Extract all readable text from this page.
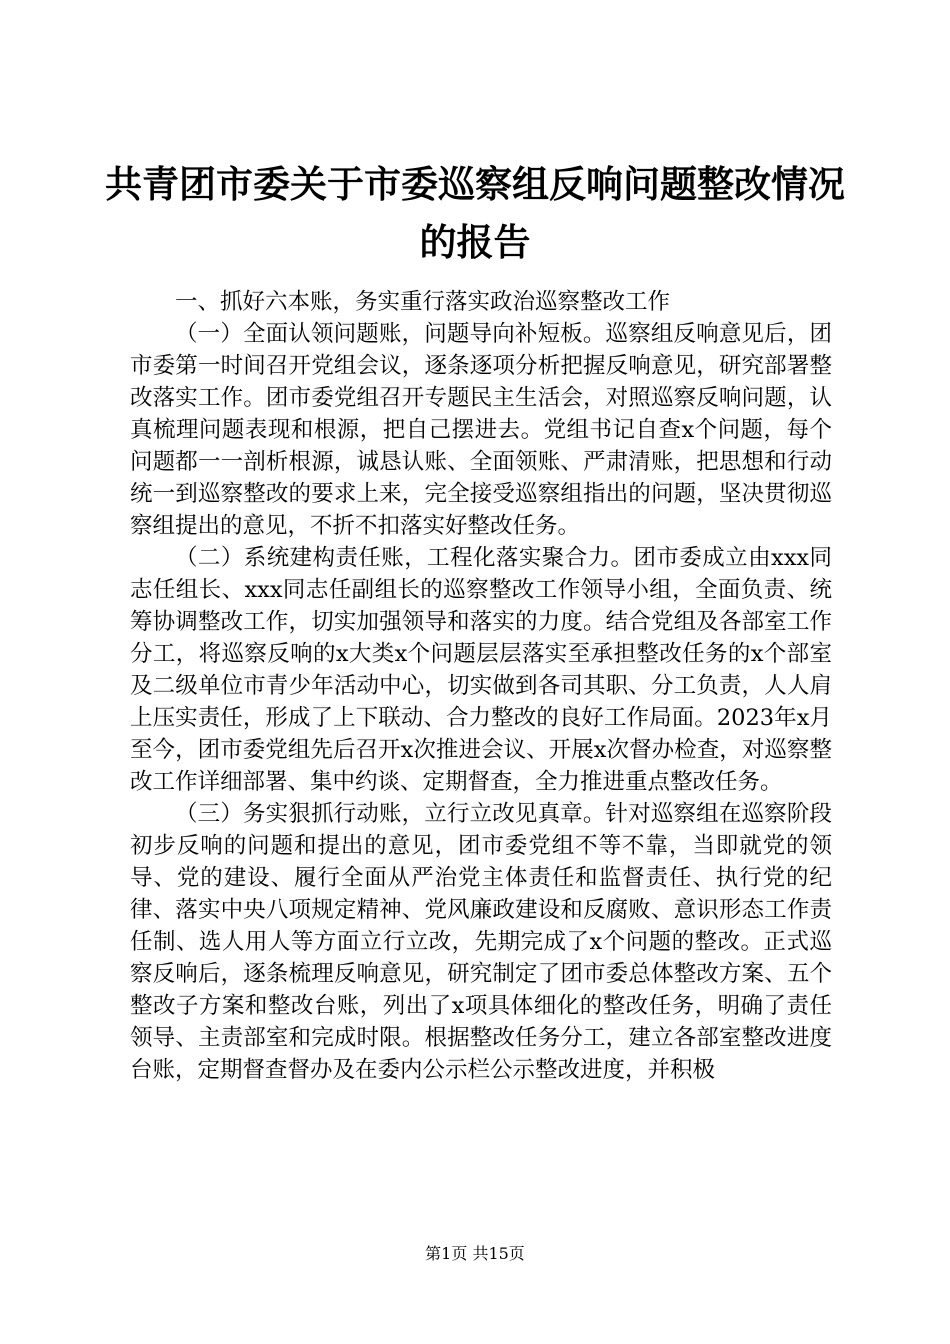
共青团市委关于市委巡察组反响问题整改情况
的报告

一、抓好六本账，务实重行落实政治巡察整改工作

（一）全面认领问题账，问题导向补短板。巡察组反响意见后，团市委第一时间召开党组会议，逐条逐项分析把握反响意见，研究部署整改落实工作。团市委党组召开专题民主生活会，对照巡察反响问题，认真梳理问题表现和根源，把自己摆进去。党组书记自查x个问题，每个问题都一一剖析根源，诚恳认账、全面领账、严肃清账，把思想和行动统一到巡察整改的要求上来，完全接受巡察组指出的问题，坚决贯彻巡察组提出的意见，不折不扣落实好整改任务。

（二）系统建构责任账，工程化落实聚合力。团市委成立由xxx同志任组长、xxx同志任副组长的巡察整改工作领导小组，全面负责、统筹协调整改工作，切实加强领导和落实的力度。结合党组及各部室工作分工，将巡察反响的x大类x个问题层层落实至承担整改任务的x个部室及二级单位市青少年活动中心，切实做到各司其职、分工负责，人人肩上压实责任，形成了上下联动、合力整改的良好工作局面。2023年x月至今，团市委党组先后召开x次推进会议、开展x次督办检查，对巡察整改工作详细部署、集中约谈、定期督查，全力推进重点整改任务。

（三）务实狠抓行动账，立行立改见真章。针对巡察组在巡察阶段初步反响的问题和提出的意见，团市委党组不等不靠，当即就党的领导、党的建设、履行全面从严治党主体责任和监督责任、执行党的纪律、落实中央八项规定精神、党风廉政建设和反腐败、意识形态工作责任制、选人用人等方面立行立改，先期完成了x个问题的整改。正式巡察反响后，逐条梳理反响意见，研究制定了团市委总体整改方案、五个整改子方案和整改台账，列出了x项具体细化的整改任务，明确了责任领导、主责部室和完成时限。根据整改任务分工，建立各部室整改进度台账，定期督查督办及在委内公示栏公示整改进度，并积极

第1页 共15页
